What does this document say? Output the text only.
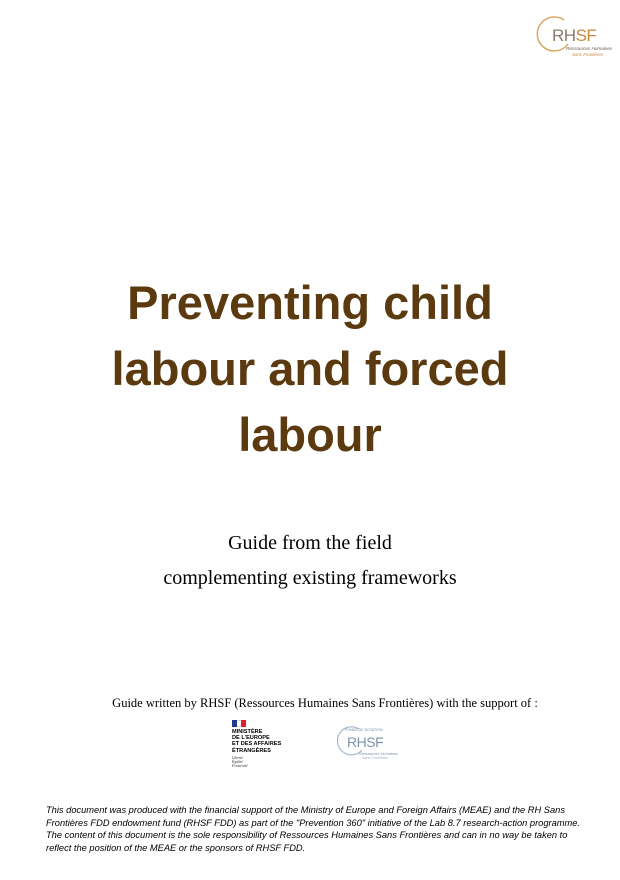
RHSF
Ressources Humaines
Sans Frontières
Preventing child
labour and forced
labour
Guide from the field
complementing existing frameworks
Guide written by RHSF (Ressources Humaines Sans Frontières) with the support of :
MINISTÈRE
DE L'EUROPE
ET DES AFFAIRES
ÉTRANGÈRES
Liberté
Égalité
Fraternité
FONDS DE DOTATION
RHSF
Ressources Humaines
Sans Frontières
This document was produced with the financial support of the Ministry of Europe and Foreign Affairs (MEAE) and the RH Sans Frontières FDD endowment fund (RHSF FDD) as part of the "Prevention 360" initiative of the Lab 8.7 research-action programme. The content of this document is the sole responsibility of Ressources Humaines Sans Frontières and can in no way be taken to reflect the position of the MEAE or the sponsors of RHSF FDD.
